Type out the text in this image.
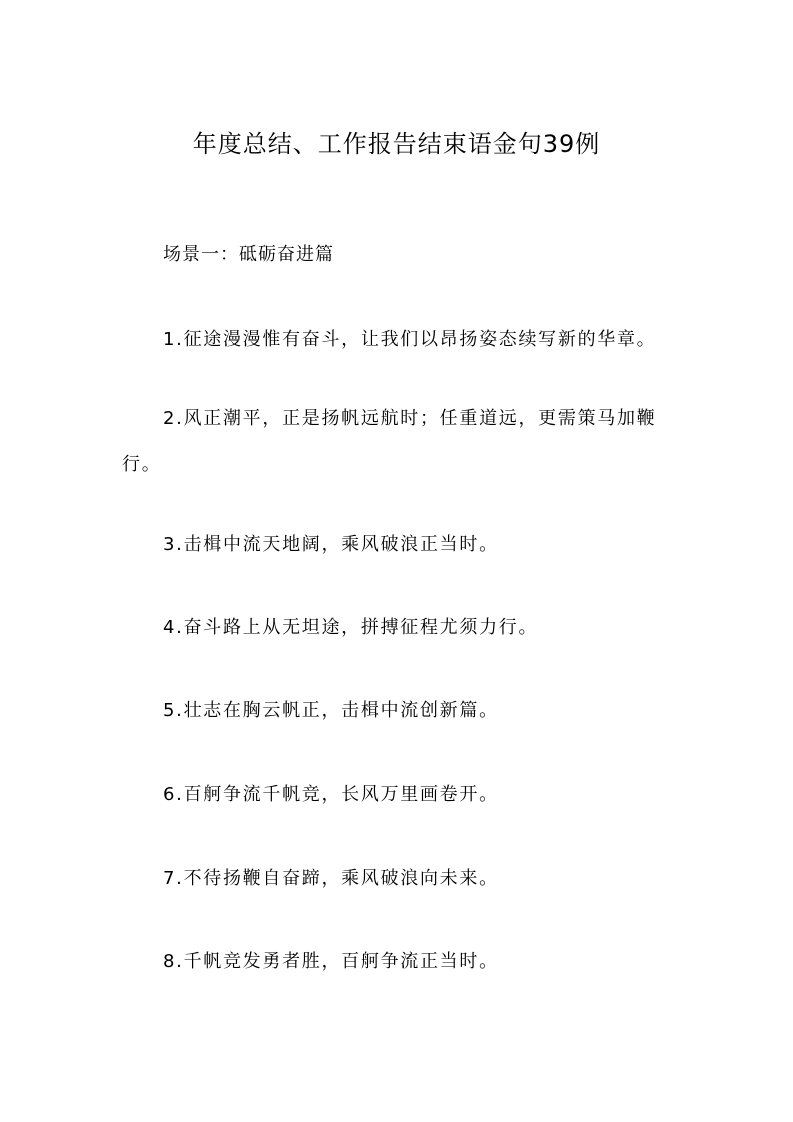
年度总结、工作报告结束语金句39例

场景一：砥砺奋进篇

1.征途漫漫惟有奋斗，让我们以昂扬姿态续写新的华章。

2.风正潮平，正是扬帆远航时；任重道远，更需策马加鞭行。

3.击楫中流天地阔，乘风破浪正当时。

4.奋斗路上从无坦途，拼搏征程尤须力行。

5.壮志在胸云帆正，击楫中流创新篇。

6.百舸争流千帆竞，长风万里画卷开。

7.不待扬鞭自奋蹄，乘风破浪向未来。

8.千帆竞发勇者胜，百舸争流正当时。
